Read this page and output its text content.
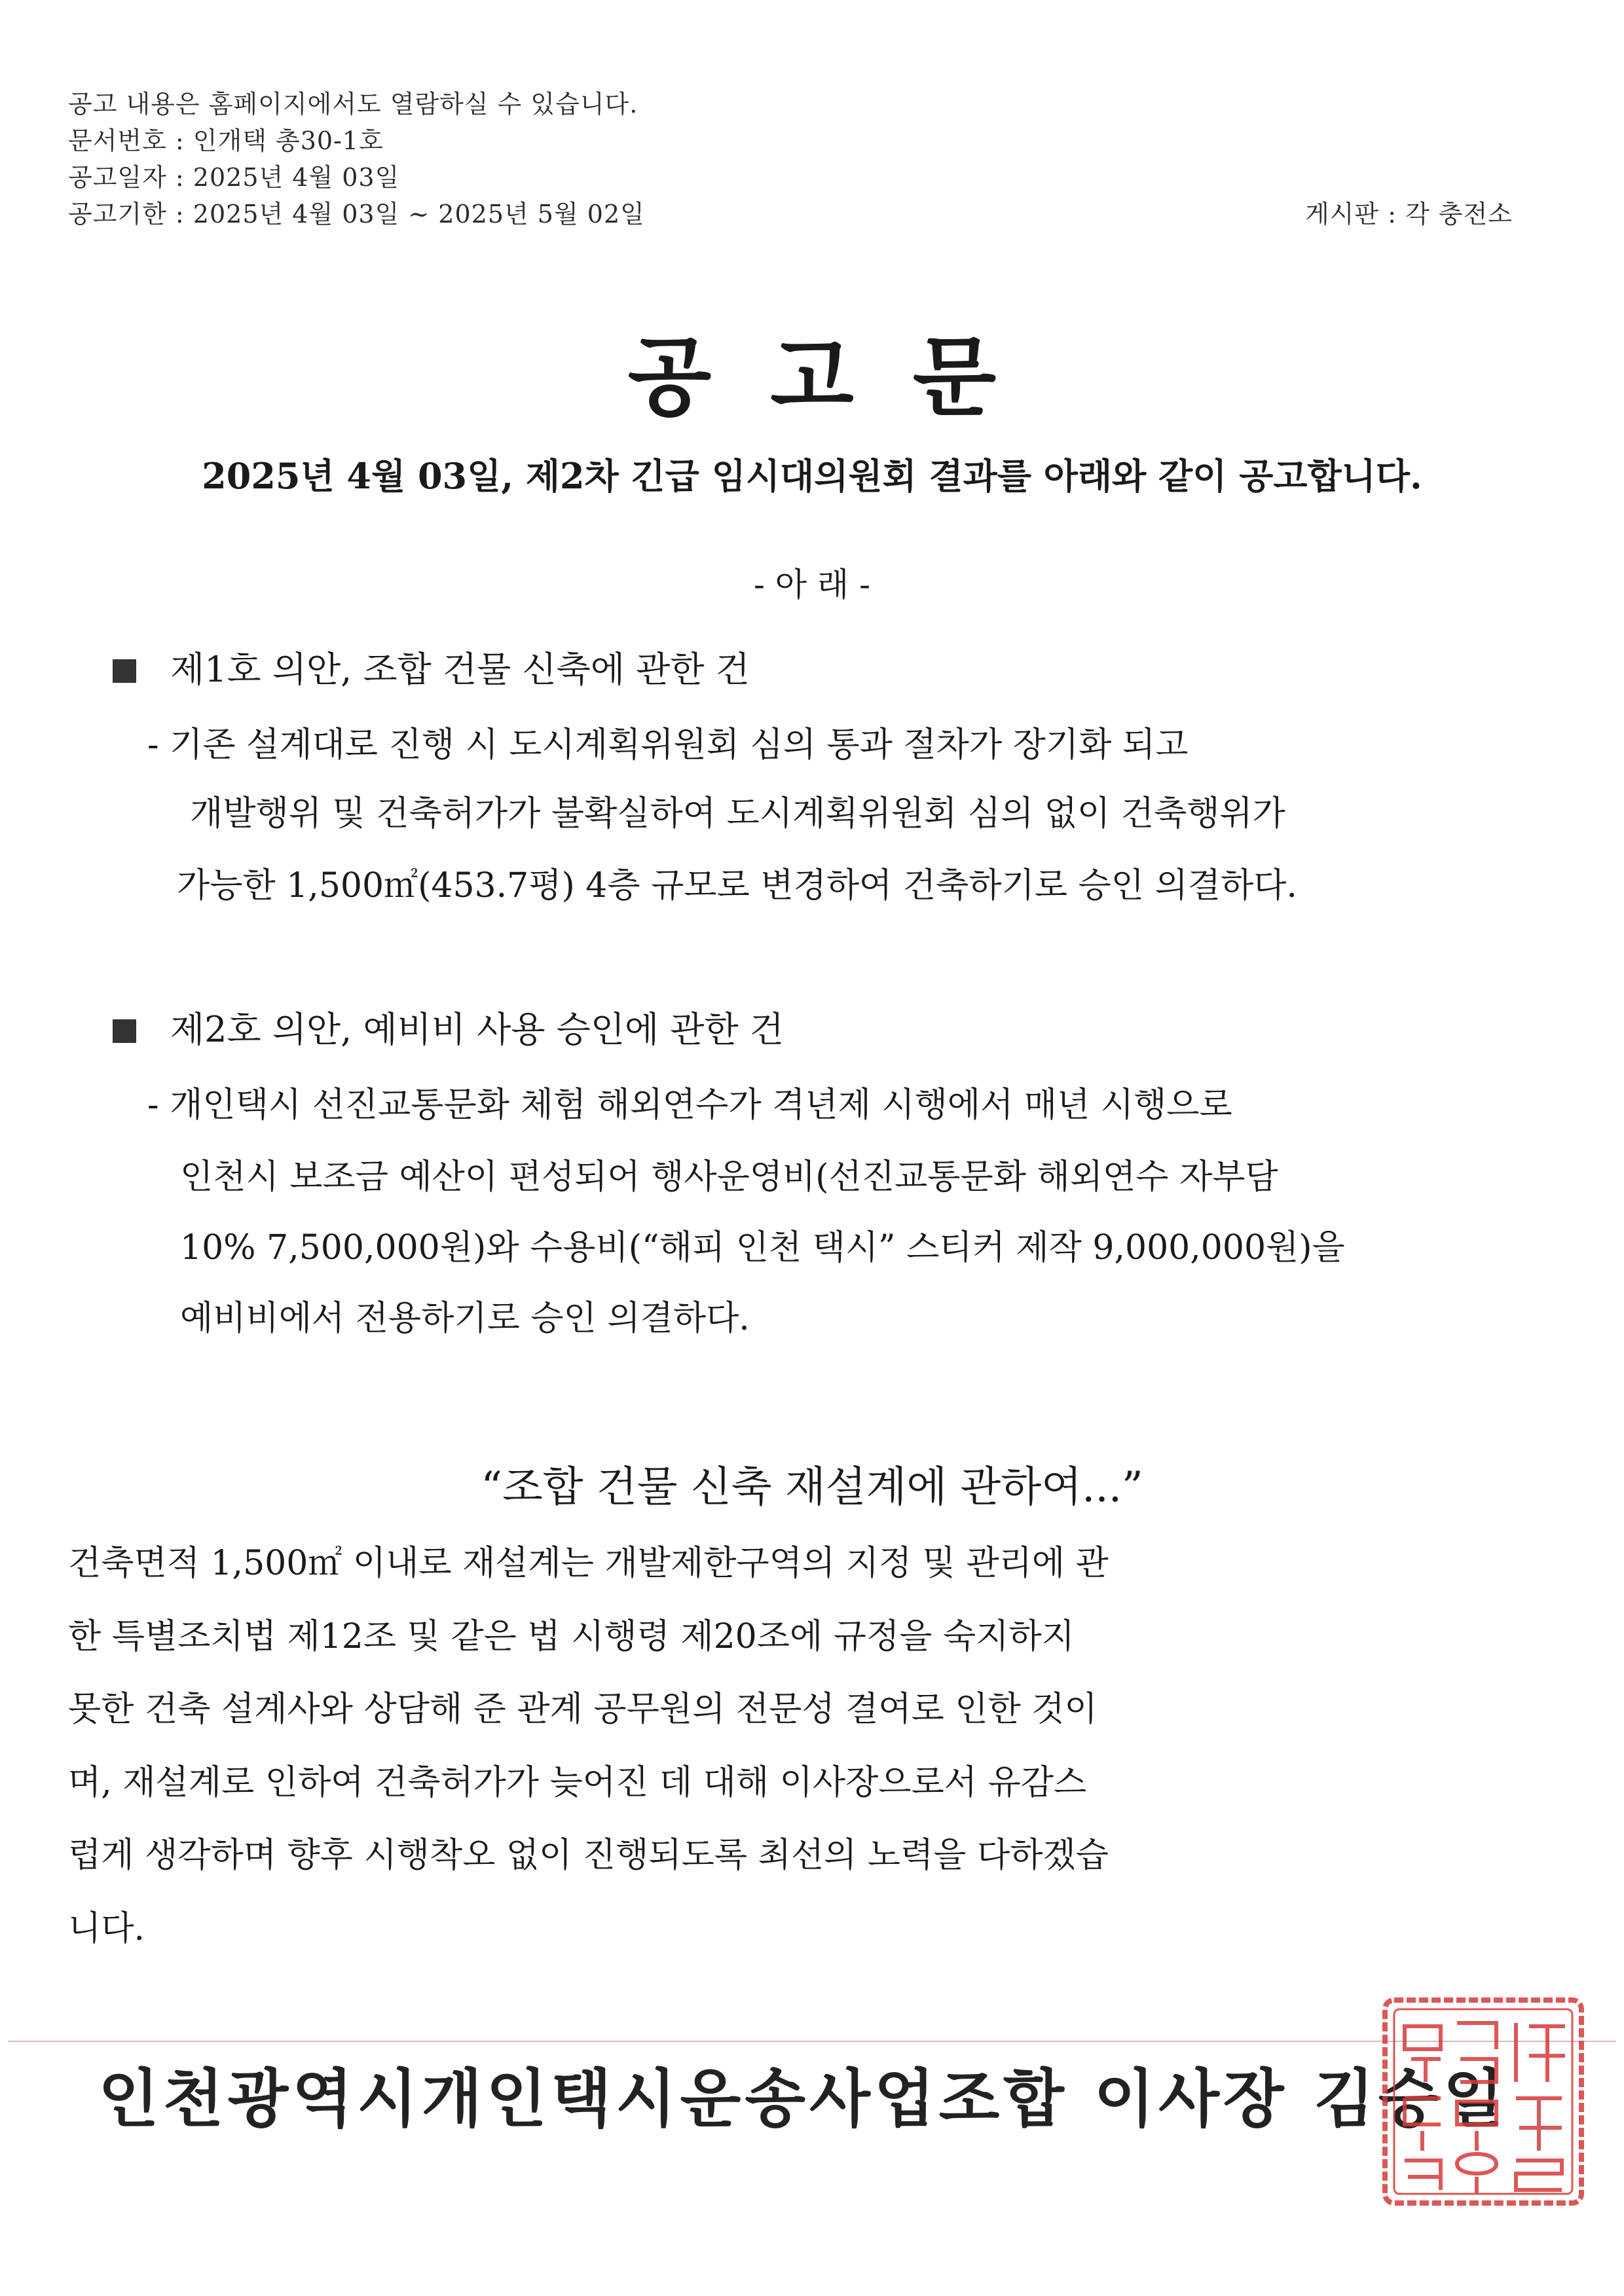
공고 내용은 홈페이지에서도 열람하실 수 있습니다.
문서번호 : 인개택 총30-1호
공고일자 : 2025년 4월 03일
공고기한 : 2025년 4월 03일 ~ 2025년 5월 02일	게시판 : 각 충전소
공고문
2025년 4월 03일, 제2차 긴급 임시대의원회 결과를 아래와 같이 공고합니다.
- 아 래 -
제1호 의안, 조합 건물 신축에 관한 건
- 기존 설계대로 진행 시 도시계획위원회 심의 통과 절차가 장기화 되고
개발행위 및 건축허가가 불확실하여 도시계획위원회 심의 없이 건축행위가
가능한 1,500㎡(453.7평) 4층 규모로 변경하여 건축하기로 승인 의결하다.
제2호 의안, 예비비 사용 승인에 관한 건
- 개인택시 선진교통문화 체험 해외연수가 격년제 시행에서 매년 시행으로
인천시 보조금 예산이 편성되어 행사운영비(선진교통문화 해외연수 자부담
10% 7,500,000원)와 수용비(“해피 인천 택시” 스티커 제작 9,000,000원)을
예비비에서 전용하기로 승인 의결하다.
“조합 건물 신축 재설계에 관하여...”
건축면적 1,500㎡ 이내로 재설계는 개발제한구역의 지정 및 관리에 관
한 특별조치법 제12조 및 같은 법 시행령 제20조에 규정을 숙지하지
못한 건축 설계사와 상담해 준 관계 공무원의 전문성 결여로 인한 것이
며, 재설계로 인하여 건축허가가 늦어진 데 대해 이사장으로서 유감스
럽게 생각하며 향후 시행착오 없이 진행되도록 최선의 노력을 다하겠습
니다.
인천광역시개인택시운송사업조합 이사장 김승일
